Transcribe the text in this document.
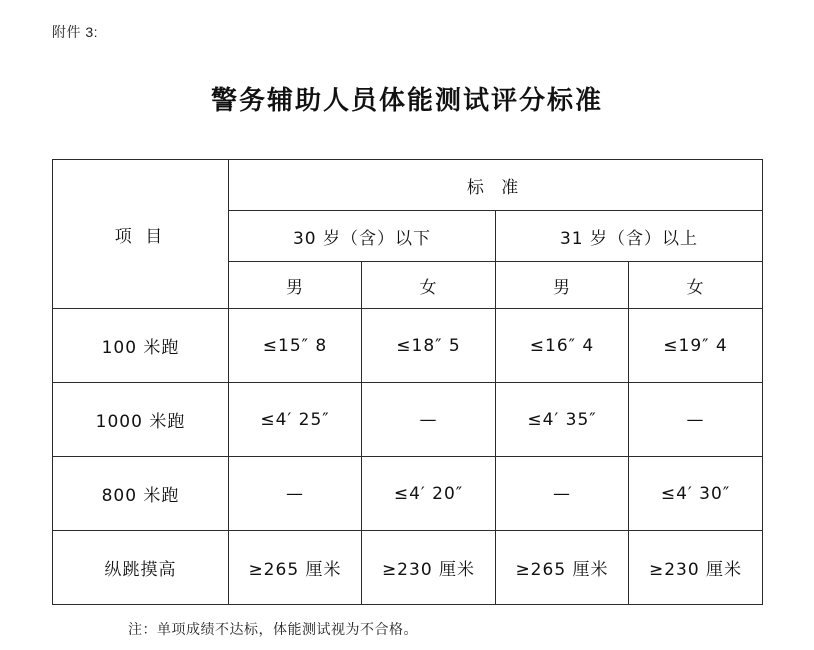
附件 3:
警务辅助人员体能测试评分标准
项 目	标 准			
	30 岁（含）以下		31 岁（含）以上	
	男	女	男	女
100 米跑	≤15″ 8	≤18″ 5	≤16″ 4	≤19″ 4
1000 米跑	≤4′ 25″	—	≤4′ 35″	—
800 米跑	—	≤4′ 20″	—	≤4′ 30″
纵跳摸高	≥265 厘米	≥230 厘米	≥265 厘米	≥230 厘米
注：单项成绩不达标，体能测试视为不合格。
